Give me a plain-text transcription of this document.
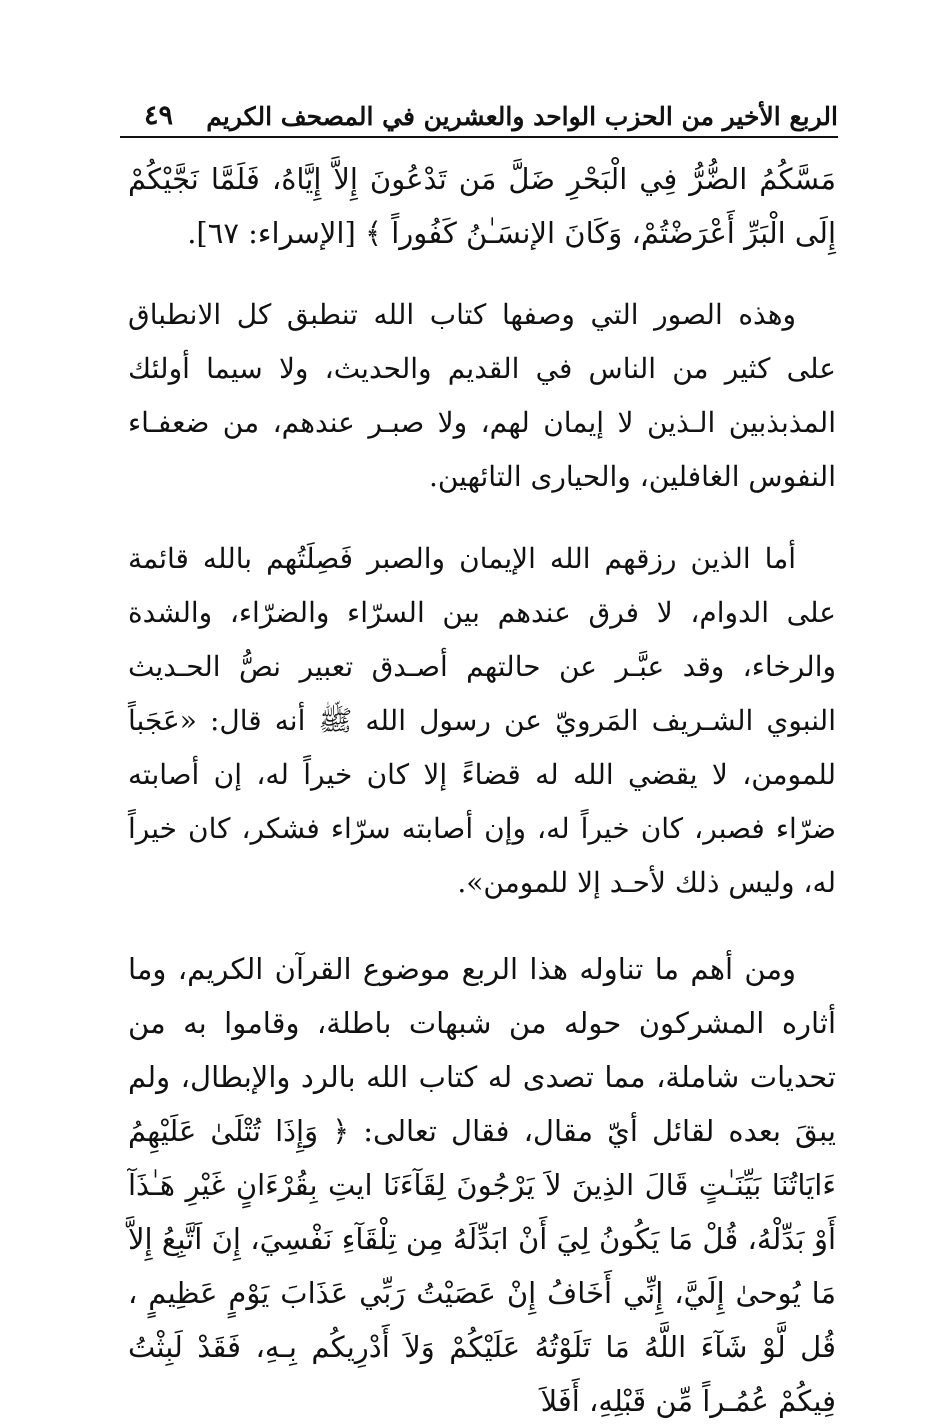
الربع الأخير من الحزب الواحد والعشرين في المصحف الكريم
٤٩

مَسَّكُمُ الضُّرُّ فِي الْبَحْرِ ضَلَّ مَن تَدْعُونَ إِلاَّ إِيَّاهُ، فَلَمَّا نَجَّيْكُمْ إِلَى الْبَرِّ أَعْرَضْتُمْ، وَكَانَ الإنسَـٰنُ كَفُوراً ﴾ [الإسراء: ٦٧].

وهذه الصور التي وصفها كتاب الله تنطبق كل الانطباق على كثير من الناس في القديم والحديث، ولا سيما أولئك المذبذبين الـذين لا إيمان لهم، ولا صبـر عندهم، من ضعفـاء النفوس الغافلين، والحيارى التائهين.

أما الذين رزقهم الله الإيمان والصبر فَصِلَتُهم بالله قائمة على الدوام، لا فرق عندهم بين السرّاء والضرّاء، والشدة والرخاء، وقد عبَّـر عن حالتهم أصـدق تعبير نصُّ الحـديث النبوي الشـريف المَرويّ عن رسول الله ﷺ أنه قال: «عَجَباً للمومن، لا يقضي الله له قضاءً إلا كان خيراً له، إن أصابته ضرّاء فصبر، كان خيراً له، وإن أصابته سرّاء فشكر، كان خيراً له، وليس ذلك لأحـد إلا للمومن».

ومن أهم ما تناوله هذا الربع موضوع القرآن الكريم، وما أثاره المشركون حوله من شبهات باطلة، وقاموا به من تحديات شاملة، مما تصدى له كتاب الله بالرد والإبطال، ولم يبقَ بعده لقائل أيّ مقال، فقال تعالى: ﴿ وَإِذَا تُتْلَىٰ عَلَيْهِمُ ءَايَاتُنَا بَيِّنَـٰتٍ قَالَ الذِينَ لاَ يَرْجُونَ لِقَآءَنَا ايتِ بِقُرْءَانٍ غَيْرِ هَـٰذَآ أَوْ بَدِّلْهُ، قُلْ مَا يَكُونُ لِيَ أَنْ ابَدِّلَهُ مِن تِلْقَآءِ نَفْسِيَ، إِنَ اَتَّبِعُ إِلاَّ مَا يُوحىٰ إِلَيَّ، إِنِّي أَخَافُ إِنْ عَصَيْتُ رَبِّي عَذَابَ يَوْمٍ عَظِيمٍ ، قُل لَّوْ شَآءَ اللَّهُ مَا تَلَوْتُهُ عَلَيْكُمْ وَلاَ أَدْرِيكُم بِـهِ، فَقَدْ لَبِثْتُ فِيكُمْ عُمُـراً مِّن قَبْلِهِ، أَفَلاَ
